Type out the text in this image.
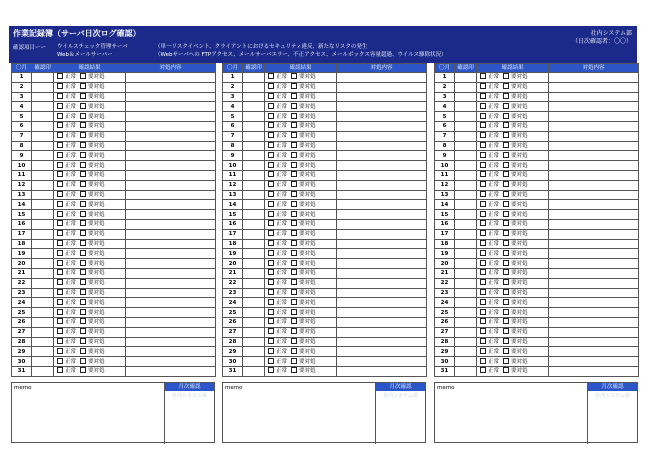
作業記録簿（サーバ日次ログ確認）
確認項目ーー ウイルスチェック管理サーバ
Web＆メールサーバー
（単一リスクイベント、クライアントにおけるセキュリティ違反、新たなリスクの発生
（Webサーバへの FTPアクセス、メールサーバエラー、不正アクセス、メールボックス容量超過、ウイルス駆除状況）
社内システム部
（日次確認者：〇〇）
〇月	確認印	確認結果	対処内容
1		正常 要対処	
2		正常 要対処	
3		正常 要対処	
4		正常 要対処	
5		正常 要対処	
6		正常 要対処	
7		正常 要対処	
8		正常 要対処	
9		正常 要対処	
10		正常 要対処	
11		正常 要対処	
12		正常 要対処	
13		正常 要対処	
14		正常 要対処	
15		正常 要対処	
16		正常 要対処	
17		正常 要対処	
18		正常 要対処	
19		正常 要対処	
20		正常 要対処	
21		正常 要対処	
22		正常 要対処	
23		正常 要対処	
24		正常 要対処	
25		正常 要対処	
26		正常 要対処	
27		正常 要対処	
28		正常 要対処	
29		正常 要対処	
30		正常 要対処	
31		正常 要対処	
memo	月次確認
社内システム部
〇月	確認印	確認結果	対処内容
1		正常 要対処	
2		正常 要対処	
3		正常 要対処	
4		正常 要対処	
5		正常 要対処	
6		正常 要対処	
7		正常 要対処	
8		正常 要対処	
9		正常 要対処	
10		正常 要対処	
11		正常 要対処	
12		正常 要対処	
13		正常 要対処	
14		正常 要対処	
15		正常 要対処	
16		正常 要対処	
17		正常 要対処	
18		正常 要対処	
19		正常 要対処	
20		正常 要対処	
21		正常 要対処	
22		正常 要対処	
23		正常 要対処	
24		正常 要対処	
25		正常 要対処	
26		正常 要対処	
27		正常 要対処	
28		正常 要対処	
29		正常 要対処	
30		正常 要対処	
31		正常 要対処	
memo	月次確認
社内システム部
〇月	確認印	確認結果	対処内容
1		正常 要対処	
2		正常 要対処	
3		正常 要対処	
4		正常 要対処	
5		正常 要対処	
6		正常 要対処	
7		正常 要対処	
8		正常 要対処	
9		正常 要対処	
10		正常 要対処	
11		正常 要対処	
12		正常 要対処	
13		正常 要対処	
14		正常 要対処	
15		正常 要対処	
16		正常 要対処	
17		正常 要対処	
18		正常 要対処	
19		正常 要対処	
20		正常 要対処	
21		正常 要対処	
22		正常 要対処	
23		正常 要対処	
24		正常 要対処	
25		正常 要対処	
26		正常 要対処	
27		正常 要対処	
28		正常 要対処	
29		正常 要対処	
30		正常 要対処	
31		正常 要対処	
memo	月次確認
社内システム部
